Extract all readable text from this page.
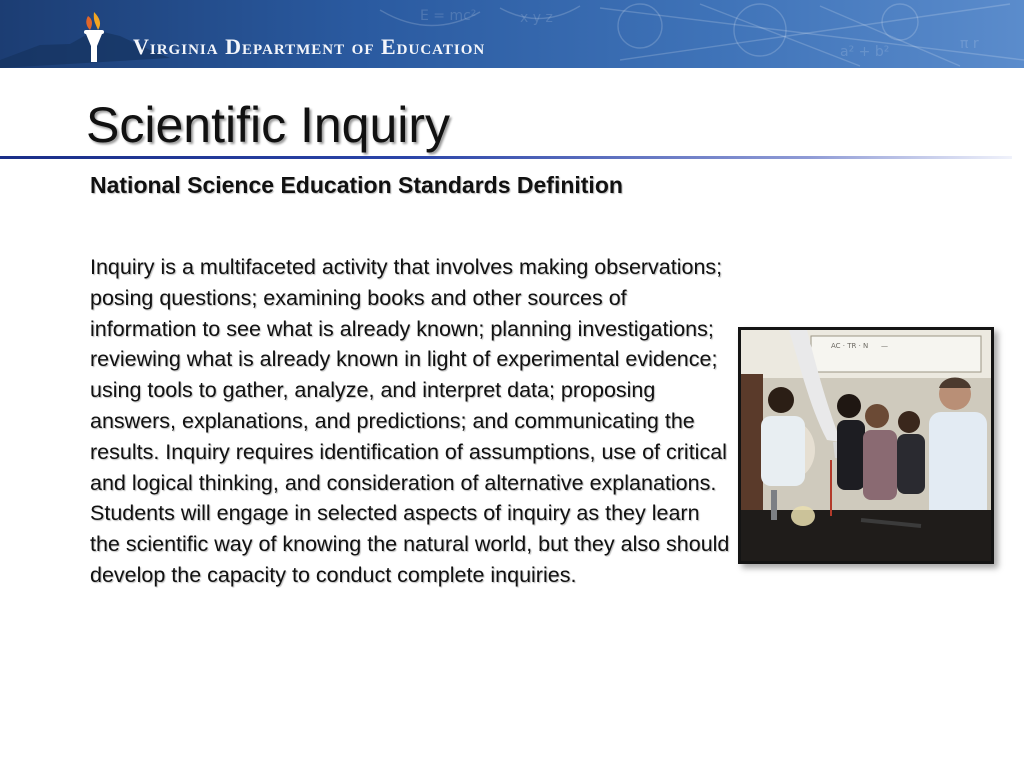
E = mc²	x y z
π r
a² + b²
Virginia Department of Education
Scientific Inquiry
National Science Education Standards Definition

Inquiry is a multifaceted activity that involves making observations; posing questions; examining books and other sources of information to see what is already known; planning investigations; reviewing what is already known in light of experimental evidence; using tools to gather, analyze, and interpret data; proposing answers, explanations, and predictions; and communicating the results. Inquiry requires identification of assumptions, use of critical and logical thinking, and consideration of alternative explanations. Students will engage in selected aspects of inquiry as they learn the scientific way of knowing the natural world, but they also should develop the capacity to conduct complete inquiries.

AC · TR · N —
